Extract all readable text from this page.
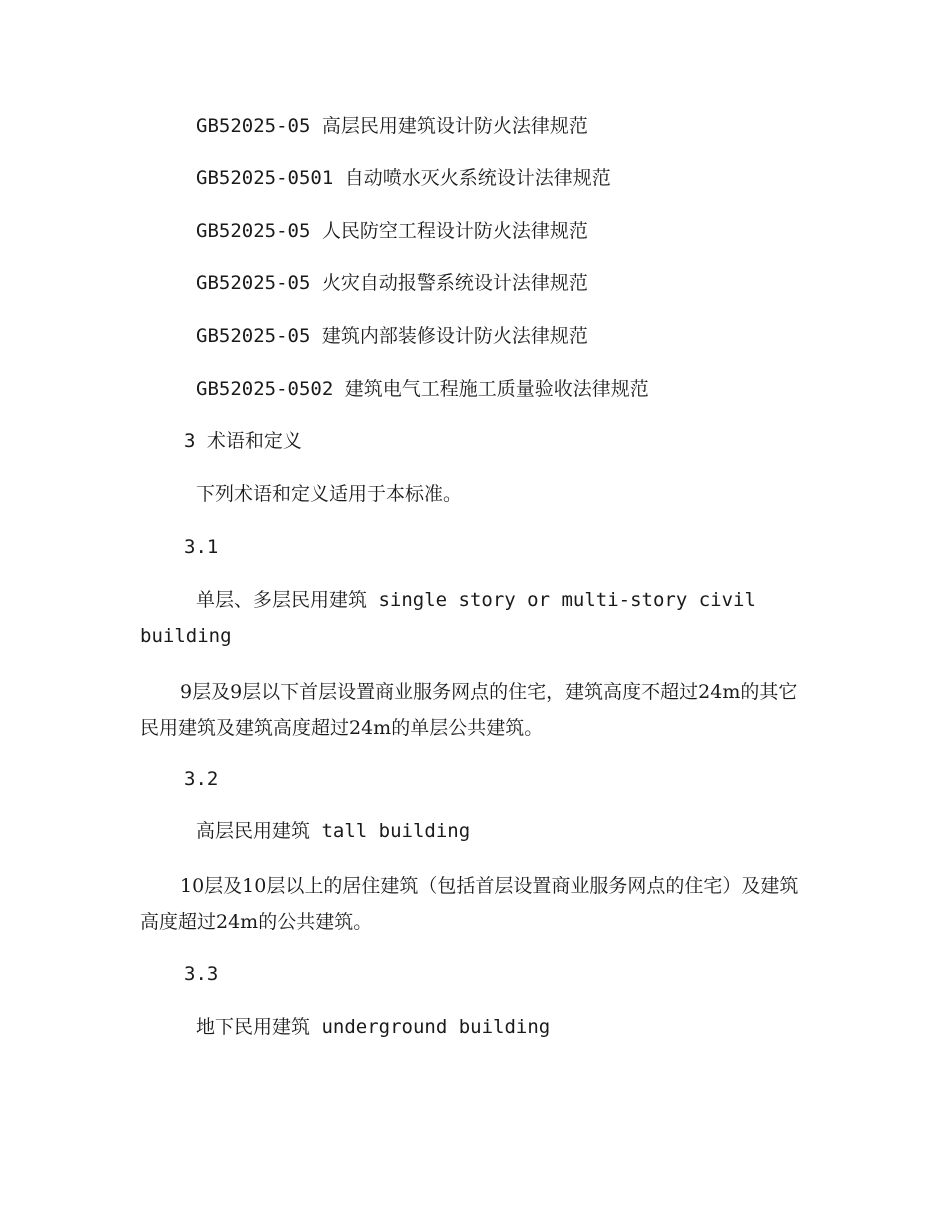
GB52025-05 高层民用建筑设计防火法律规范

GB52025-0501 自动喷水灭火系统设计法律规范

GB52025-05 人民防空工程设计防火法律规范

GB52025-05 火灾自动报警系统设计法律规范

GB52025-05 建筑内部装修设计防火法律规范

GB52025-0502 建筑电气工程施工质量验收法律规范

3 术语和定义

下列术语和定义适用于本标准。

3.1

单层、多层民用建筑 single story or multi-story civil building

9层及9层以下首层设置商业服务网点的住宅，建筑高度不超过24m的其它民用建筑及建筑高度超过24m的单层公共建筑。

3.2

高层民用建筑 tall building

10层及10层以上的居住建筑（包括首层设置商业服务网点的住宅）及建筑高度超过24m的公共建筑。

3.3

地下民用建筑 underground building
